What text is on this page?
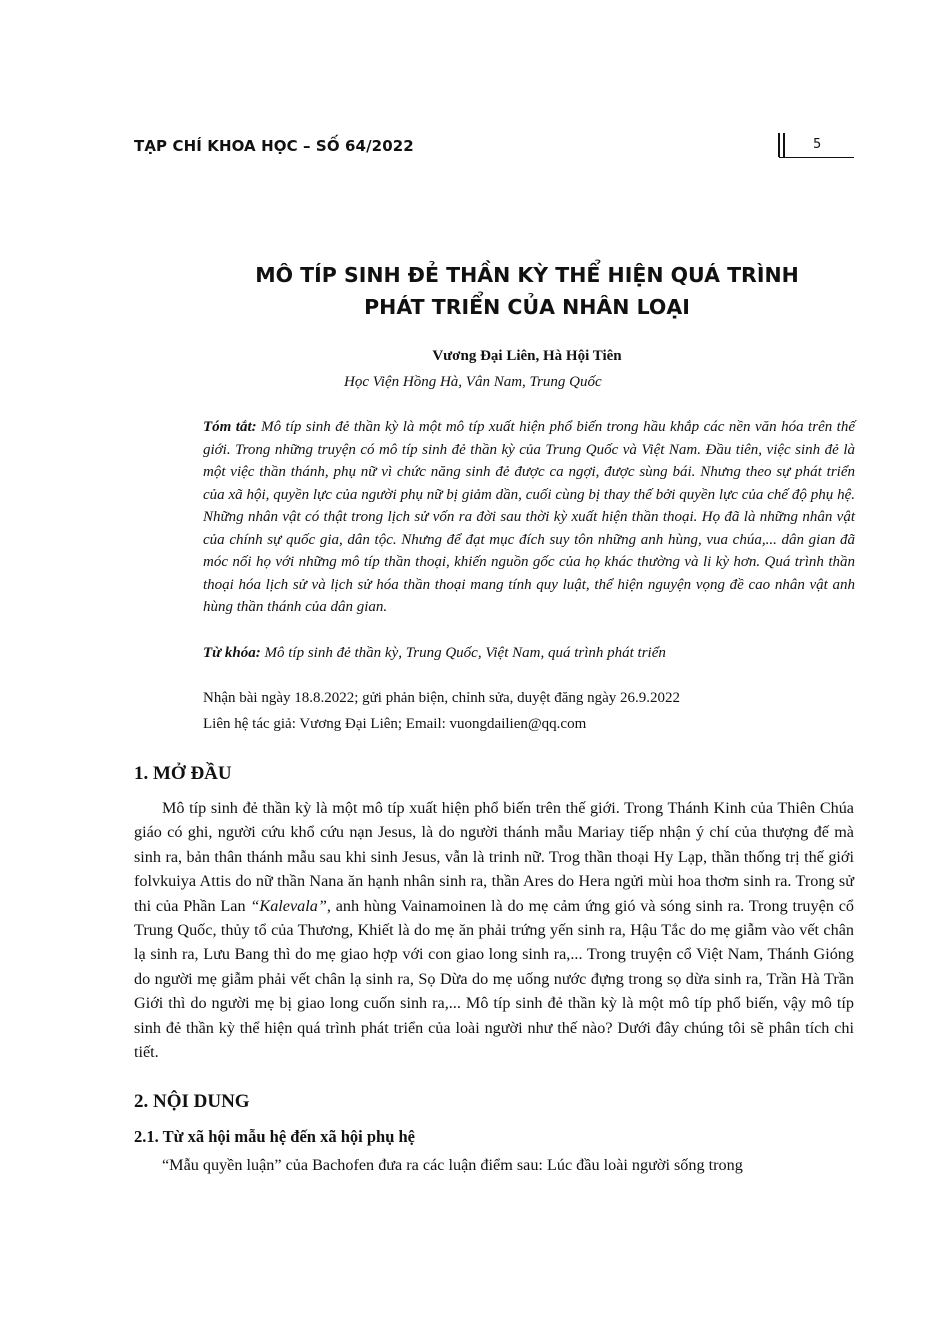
TẠP CHÍ KHOA HỌC – SỐ 64/2022	5
MÔ TÍP SINH ĐẺ THẦN KỲ THỂ HIỆN QUÁ TRÌNH
PHÁT TRIỂN CỦA NHÂN LOẠI
Vương Đại Liên, Hà Hội Tiên
Học Viện Hồng Hà, Vân Nam, Trung Quốc
Tóm tắt: Mô típ sinh đẻ thần kỳ là một mô típ xuất hiện phổ biến trong hầu khắp các nền văn hóa trên thế giới. Trong những truyện có mô típ sinh đẻ thần kỳ của Trung Quốc và Việt Nam. Đầu tiên, việc sinh đẻ là một việc thần thánh, phụ nữ vì chức năng sinh đẻ được ca ngợi, được sùng bái. Nhưng theo sự phát triển của xã hội, quyền lực của người phụ nữ bị giảm dần, cuối cùng bị thay thế bởi quyền lực của chế độ phụ hệ. Những nhân vật có thật trong lịch sử vốn ra đời sau thời kỳ xuất hiện thần thoại. Họ đã là những nhân vật của chính sự quốc gia, dân tộc. Nhưng để đạt mục đích suy tôn những anh hùng, vua chúa,... dân gian đã móc nối họ với những mô típ thần thoại, khiến nguồn gốc của họ khác thường và li kỳ hơn. Quá trình thần thoại hóa lịch sử và lịch sử hóa thần thoại mang tính quy luật, thể hiện nguyện vọng đề cao nhân vật anh hùng thần thánh của dân gian.
Từ khóa: Mô típ sinh đẻ thần kỳ, Trung Quốc, Việt Nam, quá trình phát triển
Nhận bài ngày 18.8.2022; gửi phản biện, chỉnh sửa, duyệt đăng ngày 26.9.2022
Liên hệ tác giả: Vương Đại Liên; Email: vuongdailien@qq.com
1. MỞ ĐẦU
Mô típ sinh đẻ thần kỳ là một mô típ xuất hiện phổ biến trên thế giới. Trong Thánh Kinh của Thiên Chúa giáo có ghi, người cứu khổ cứu nạn Jesus, là do người thánh mẫu Mariay tiếp nhận ý chí của thượng đế mà sinh ra, bản thân thánh mẫu sau khi sinh Jesus, vẫn là trinh nữ. Trog thần thoại Hy Lạp, thần thống trị thế giới folvkuiya Attis do nữ thần Nana ăn hạnh nhân sinh ra, thần Ares do Hera ngửi mùi hoa thơm sinh ra. Trong sử thi của Phần Lan “Kalevala”, anh hùng Vainamoinen là do mẹ cảm ứng gió và sóng sinh ra. Trong truyện cổ Trung Quốc, thủy tổ của Thương, Khiết là do mẹ ăn phải trứng yến sinh ra, Hậu Tắc do mẹ giẫm vào vết chân lạ sinh ra, Lưu Bang thì do mẹ giao hợp với con giao long sinh ra,... Trong truyện cổ Việt Nam, Thánh Gióng do người mẹ giẫm phải vết chân lạ sinh ra, Sọ Dừa do mẹ uống nước đựng trong sọ dừa sinh ra, Trần Hà Trần Giới thì do người mẹ bị giao long cuốn sinh ra,... Mô típ sinh đẻ thần kỳ là một mô típ phổ biến, vậy mô típ sinh đẻ thần kỳ thể hiện quá trình phát triển của loài người như thế nào? Dưới đây chúng tôi sẽ phân tích chi tiết.
2. NỘI DUNG
2.1. Từ xã hội mẫu hệ đến xã hội phụ hệ
“Mẫu quyền luận” của Bachofen đưa ra các luận điểm sau: Lúc đầu loài người sống trong
